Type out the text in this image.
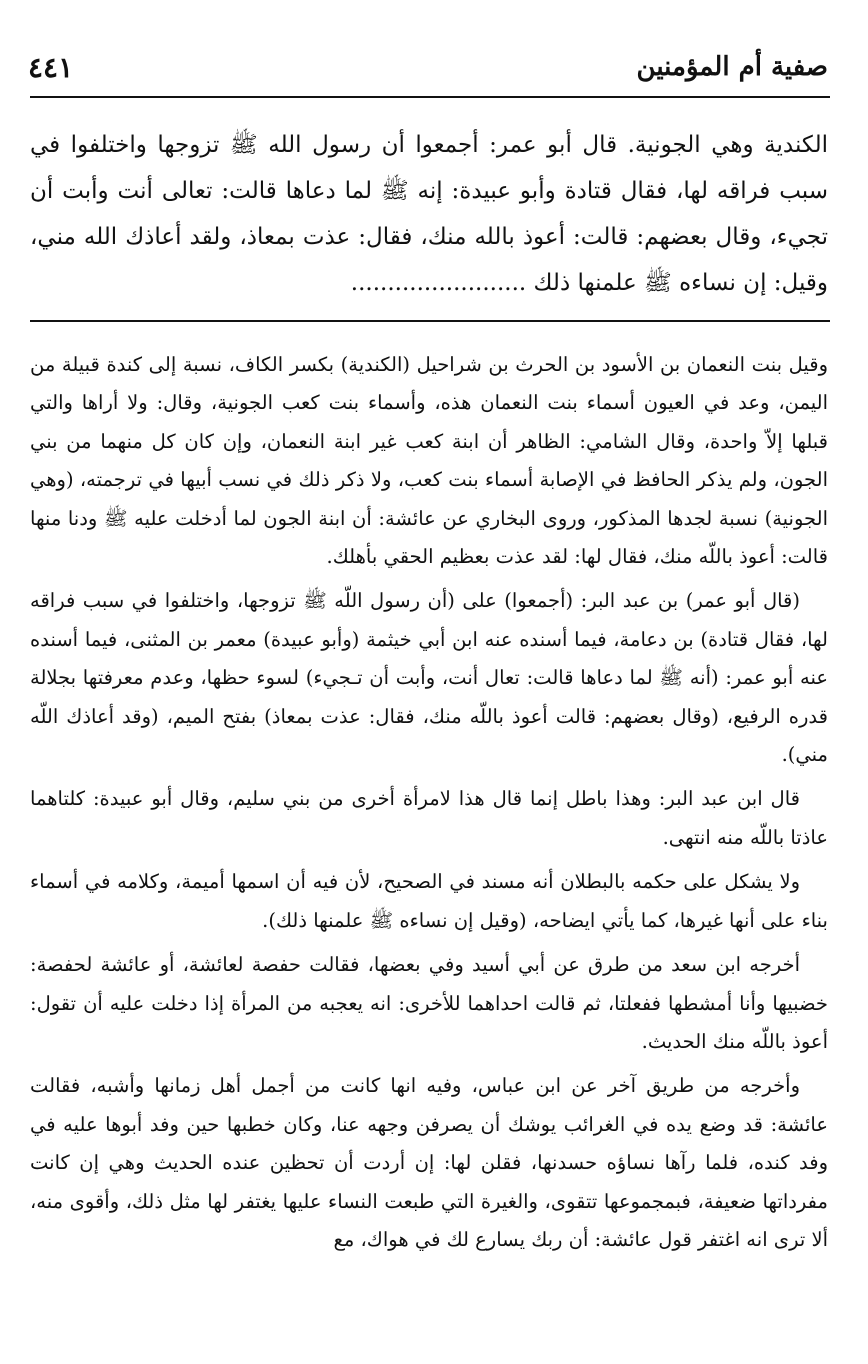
صفية أم المؤمنين
٤٤١
الكندية وهي الجونية. قال أبو عمر: أجمعوا أن رسول الله ﷺ تزوجها واختلفوا في سبب فراقه لها، فقال قتادة وأبو عبيدة: إنه ﷺ لما دعاها قالت: تعالى أنت وأبت أن تجيء، وقال بعضهم: قالت: أعوذ بالله منك، فقال: عذت بمعاذ، ولقد أعاذك الله مني، وقيل: إن نساءه ﷺ علمنها ذلك ........................

وقيل بنت النعمان بن الأسود بن الحرث بن شراحيل (الكندية) بكسر الكاف، نسبة إلى كندة قبيلة من اليمن، وعد في العيون أسماء بنت النعمان هذه، وأسماء بنت كعب الجونية، وقال: ولا أراها والتي قبلها إلاّ واحدة، وقال الشامي: الظاهر أن ابنة كعب غير ابنة النعمان، وإن كان كل منهما من بني الجون، ولم يذكر الحافظ في الإصابة أسماء بنت كعب، ولا ذكر ذلك في نسب أبيها في ترجمته، (وهي الجونية) نسبة لجدها المذكور، وروى البخاري عن عائشة: أن ابنة الجون لما أدخلت عليه ﷺ ودنا منها قالت: أعوذ باللّه منك، فقال لها: لقد عذت بعظيم الحقي بأهلك.

(قال أبو عمر) بن عبد البر: (أجمعوا) على (أن رسول اللّه ﷺ تزوجها، واختلفوا في سبب فراقه لها، فقال قتادة) بن دعامة، فيما أسنده عنه ابن أبي خيثمة (وأبو عبيدة) معمر بن المثنى، فيما أسنده عنه أبو عمر: (أنه ﷺ لما دعاها قالت: تعال أنت، وأبت أن تـجيء) لسوء حظها، وعدم معرفتها بجلالة قدره الرفيع، (وقال بعضهم: قالت أعوذ باللّه منك، فقال: عذت بمعاذ) بفتح الميم، (وقد أعاذك اللّه مني).

قال ابن عبد البر: وهذا باطل إنما قال هذا لامرأة أخرى من بني سليم، وقال أبو عبيدة: كلتاهما عاذتا باللّه منه انتهى.

ولا يشكل على حكمه بالبطلان أنه مسند في الصحيح، لأن فيه أن اسمها أميمة، وكلامه في أسماء بناء على أنها غيرها، كما يأتي ايضاحه، (وقيل إن نساءه ﷺ علمنها ذلك).

أخرجه ابن سعد من طرق عن أبي أسيد وفي بعضها، فقالت حفصة لعائشة، أو عائشة لحفصة: خضبيها وأنا أمشطها ففعلتا، ثم قالت احداهما للأخرى: انه يعجبه من المرأة إذا دخلت عليه أن تقول: أعوذ باللّه منك الحديث.

وأخرجه من طريق آخر عن ابن عباس، وفيه انها كانت من أجمل أهل زمانها وأشبه، فقالت عائشة: قد وضع يده في الغرائب يوشك أن يصرفن وجهه عنا، وكان خطبها حين وفد أبوها عليه في وفد كنده، فلما رآها نساؤه حسدنها، فقلن لها: إن أردت أن تحظين عنده الحديث وهي إن كانت مفرداتها ضعيفة، فبمجموعها تتقوى، والغيرة التي طبعت النساء عليها يغتفر لها مثل ذلك، وأقوى منه، ألا ترى انه اغتفر قول عائشة: أن ربك يسارع لك في هواك، مع
